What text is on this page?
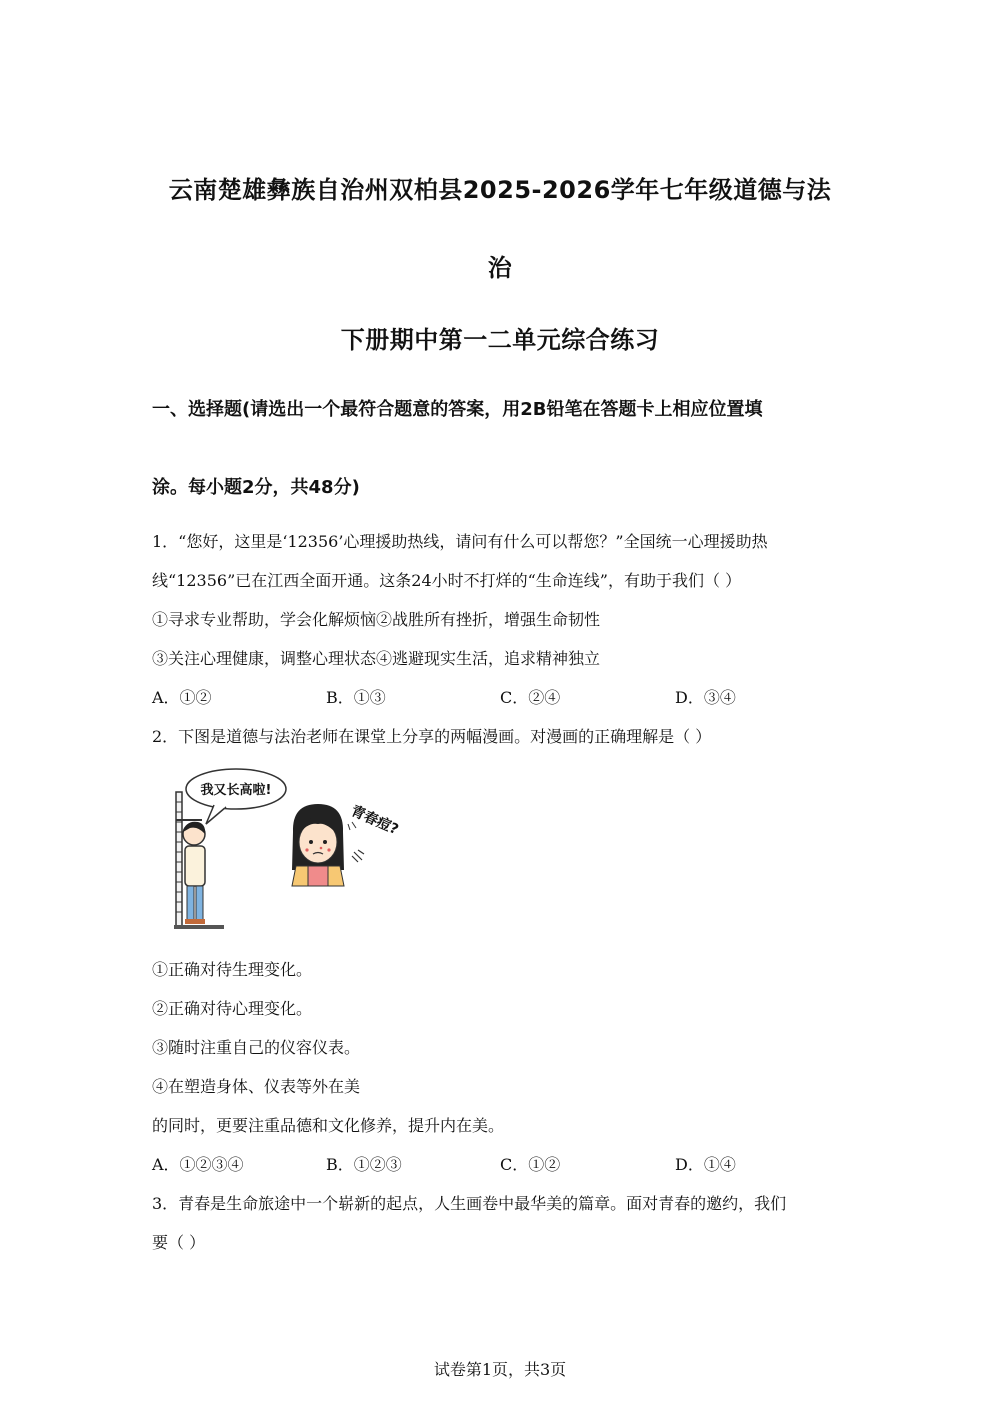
云南楚雄彝族自治州双柏县2025-2026学年七年级道德与法
治
下册期中第一二单元综合练习
一、选择题(请选出一个最符合题意的答案，用2B铅笔在答题卡上相应位置填
涂。每小题2分，共48分)
1．“您好，这里是‘12356’心理援助热线，请问有什么可以帮您？”全国统一心理援助热
线“12356”已在江西全面开通。这条24小时不打烊的“生命连线”，有助于我们（ ）
①寻求专业帮助，学会化解烦恼②战胜所有挫折，增强生命韧性
③关注心理健康，调整心理状态④逃避现实生活，追求精神独立
A．①②	B．①③	C．②④	D．③④
2．下图是道德与法治老师在课堂上分享的两幅漫画。对漫画的正确理解是（ ）
我又长高啦!
青春痘?
①正确对待生理变化。
②正确对待心理变化。
③随时注重自己的仪容仪表。
④在塑造身体、仪表等外在美
的同时，更要注重品德和文化修养，提升内在美。
A．①②③④	B．①②③	C．①②	D．①④
3．青春是生命旅途中一个崭新的起点，人生画卷中最华美的篇章。面对青春的邀约，我们
要（ ）
试卷第1页，共3页
